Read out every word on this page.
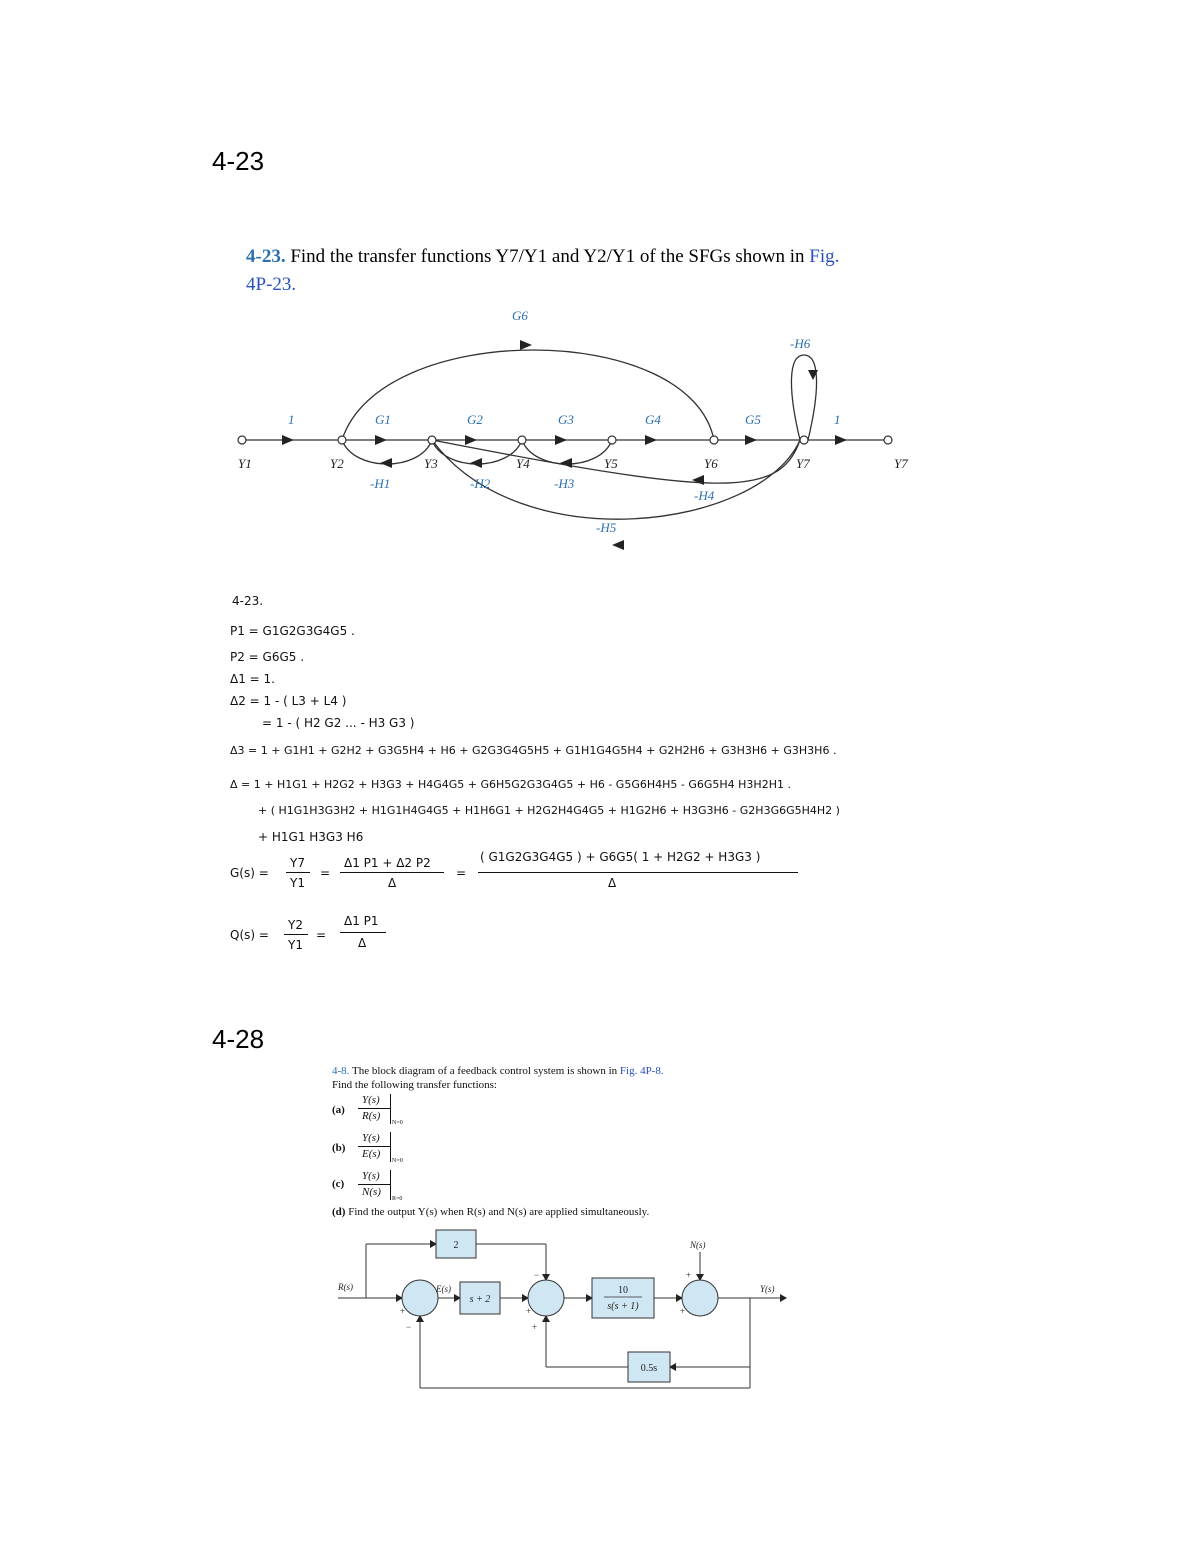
4-23
4-23. Find the transfer functions Y7/Y1 and Y2/Y1 of the SFGs shown in Fig.
4P-23.
Y1	Y2	Y3	Y4	Y5	Y6	Y7	Y7
1	G1	G2	G3	G4	G5	1
G6
-H1	-H2	-H3
-H4
-H5
-H6
4-23.
P1 = G1G2G3G4G5 .
P2 = G6G5 .
Δ1 = 1.
Δ2 = 1 - ( L3 + L4 )
= 1 - ( H2 G2 ... - H3 G3 )
Δ3 = 1 + G1H1 + G2H2 + G3G5H4 + H6 + G2G3G4G5H5 + G1H1G4G5H4 + G2H2H6 + G3H3H6 + G3H3H6 .
Δ = 1 + H1G1 + H2G2 + H3G3 + H4G4G5 + G6H5G2G3G4G5 + H6 - G5G6H4H5 - G6G5H4 H3H2H1 .
+ ( H1G1H3G3H2 + H1G1H4G4G5 + H1H6G1 + H2G2H4G4G5 + H1G2H6 + H3G3H6 - G2H3G6G5H4H2 )
+ H1G1 H3G3 H6
G(s) =
Y7
Y1
=
Δ1 P1 + Δ2 P2
Δ
=
( G1G2G3G4G5 ) + G6G5( 1 + H2G2 + H3G3 )
Δ
Q(s) =
Y2
Y1
=
Δ1 P1
Δ
4-28
4-8. The block diagram of a feedback control system is shown in Fig. 4P-8.
Find the following transfer functions:
(a)
Y(s)
R(s)
N=0
(b)
Y(s)
E(s)
N=0
(c)
Y(s)
N(s)
R=0
(d) Find the output Y(s) when R(s) and N(s) are applied simultaneously.
2
s + 2
10
s(s + 1)
0.5s
R(s)	E(s)
N(s)
Y(s)
+
−
−
+
+
+
+
